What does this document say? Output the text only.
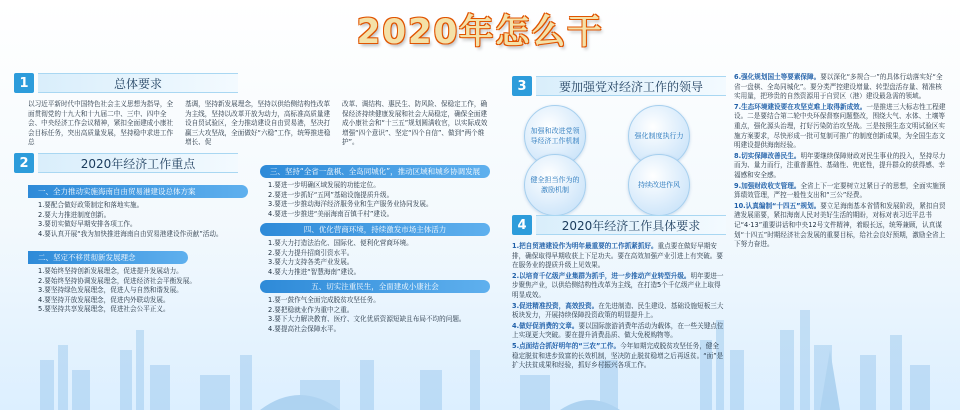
2020年怎么干
1	总体要求
以习近平新时代中国特色社会主义思想为指导，全面贯彻党的十九大和十九届二中、三中、四中全会、中央经济工作会议精神，紧扣全面建成小康社会目标任务，突出高质量发展，坚持稳中求进工作总
基调，坚持新发展理念，坚持以供给侧结构性改革为主线，坚持以改革开放为动力，高标准高质量建设自贸试验区，全力推动建设自由贸易港，坚决打赢三大攻坚战，全面做好“六稳”工作，统筹推进稳增长、促
改革、调结构、惠民生、防风险、保稳定工作，确保经济持续健康发展和社会大局稳定，确保全面建成小康社会和“十三五”规划圆满收官，以实际成效增强“四个意识”、坚定“四个自信”、做到“两个维护”。
2	2020年经济工作重点
一、全力推动实施海南自由贸易港建设总体方案
1.要配合做好政策制定和落地实施。
2.要大力推进制度创新。
3.要切实做好早期安排各项工作。
4.要认真开展“我为加快推进海南自由贸易港建设作贡献”活动。
二、坚定不移贯彻新发展理念
1.要始终坚持创新发展理念，促进提升发展动力。
2.要始终坚持协调发展理念，促进经济社会平衡发展。
3.要坚持绿色发展理念，促进人与自然和谐发展。
4.要坚持开放发展理念，促进内外联动发展。
5.要坚持共享发展理念，促进社会公平正义。
三、坚持“全省一盘棋、全岛同城化”，推动区域和城乡协调发展
1.要进一步明确区域发展的功能定位。
2.要进一步抓好“五网”基础设施提质升级。
3.要进一步推动海洋经济服务业和生产服务业协同发展。
4.要进一步推进“美丽海南百镇千村”建设。
四、优化营商环境，持续激发市场主体活力
1.要大力打造法治化、国际化、便利化营商环境。
2.要大力提升招商引资水平。
3.要大力支持各类产业发展。
4.要大力推进“智慧海南”建设。
五、切实注重民生，全面建成小康社会
1.要一鼓作气全面完成脱贫攻坚任务。
2.要把稳就业作为重中之重。
3.要下大力解决教育、医疗、文化优质资源短缺且布局不均的问题。
4.要提高社会保障水平。
3	要加强党对经济工作的领导
加强和改进党领导经济工作机制
强化制度执行力
健全担当作为的激励机制
持续改进作风
4	2020年经济工作具体要求

1.把自贸港建设作为明年最重要的工作抓紧抓好。重点要在做好早期安排，确保取得早期收获上下足功夫。要在高效加强产业引进上有突破。要在服务业的提质升级上见效果。

2.以培育千亿级产业集群为抓手，进一步推动产业转型升级。明年要进一步聚焦产业，以供给侧结构性改革为主线，在打造5个千亿级产业上取得明显成效。

3.促进精准投资，高效投资。在先进制造、民生建设、基础设施短板三大板块发力，开展持续保障投资政策的明显提升上。

4.做好促消费的文章。要以国际旅游消费年活动为载体，在一些关键点位上实现更大突破。要在提升消费品质、做大免税购物等。

5.点面结合抓好明年的“三农”工作。今年如期完成脱贫攻坚任务，健全稳定脱贫和进步致富的长效机制，坚决防止脱贫稳增之后再返贫。“面”是扩大扶贫成果和经验，抓好乡村振兴各项工作。

6.强化规划国土等要素保障。要以深化“多规合一”的具体行动落实好“全省一盘棋、全岛同城化”。要分类严控建设增量、转型盘活存量、精准核实用量，把珍贵的自然资源用于自贸区（港）建设最急需的领域。

7.生态环境建设要在攻坚克难上取得新成效。一是推进三大标志性工程建设。二是要结合第二轮中央环保督察问题整改，围绕大气、水体、土壤等重点，强化源头治理，打好污染防治攻坚战。三是按照生态文明试验区实施方案要求，尽快形成一批可复制可推广的制度创新成果，为全国生态文明建设提供海南经验。

8.切实保障改善民生。明年要继续保障财政对民生事业的投入，坚持尽力而为、量力而行，注重普惠性、基础性、兜底性，提升群众的获得感、幸福感和安全感。

9.加强财政收支管理。全省上下一定要树立过紧日子的思想，全面实施预算绩效管理，严控一般性支出和“三公”经费。

10.认真编制“十四五”规划。要立足海南基本省情和发展阶段，紧扣自贸港发展需要，紧扣海南人民对美好生活的期盼，对标对表习近平总书记“4·13”重要讲话和中央12号文件精神，着眼长远，统筹兼顾，认真谋划“十四五”时期经济社会发展的重要目标，给社会良好预期，激励全省上下努力奋进。
